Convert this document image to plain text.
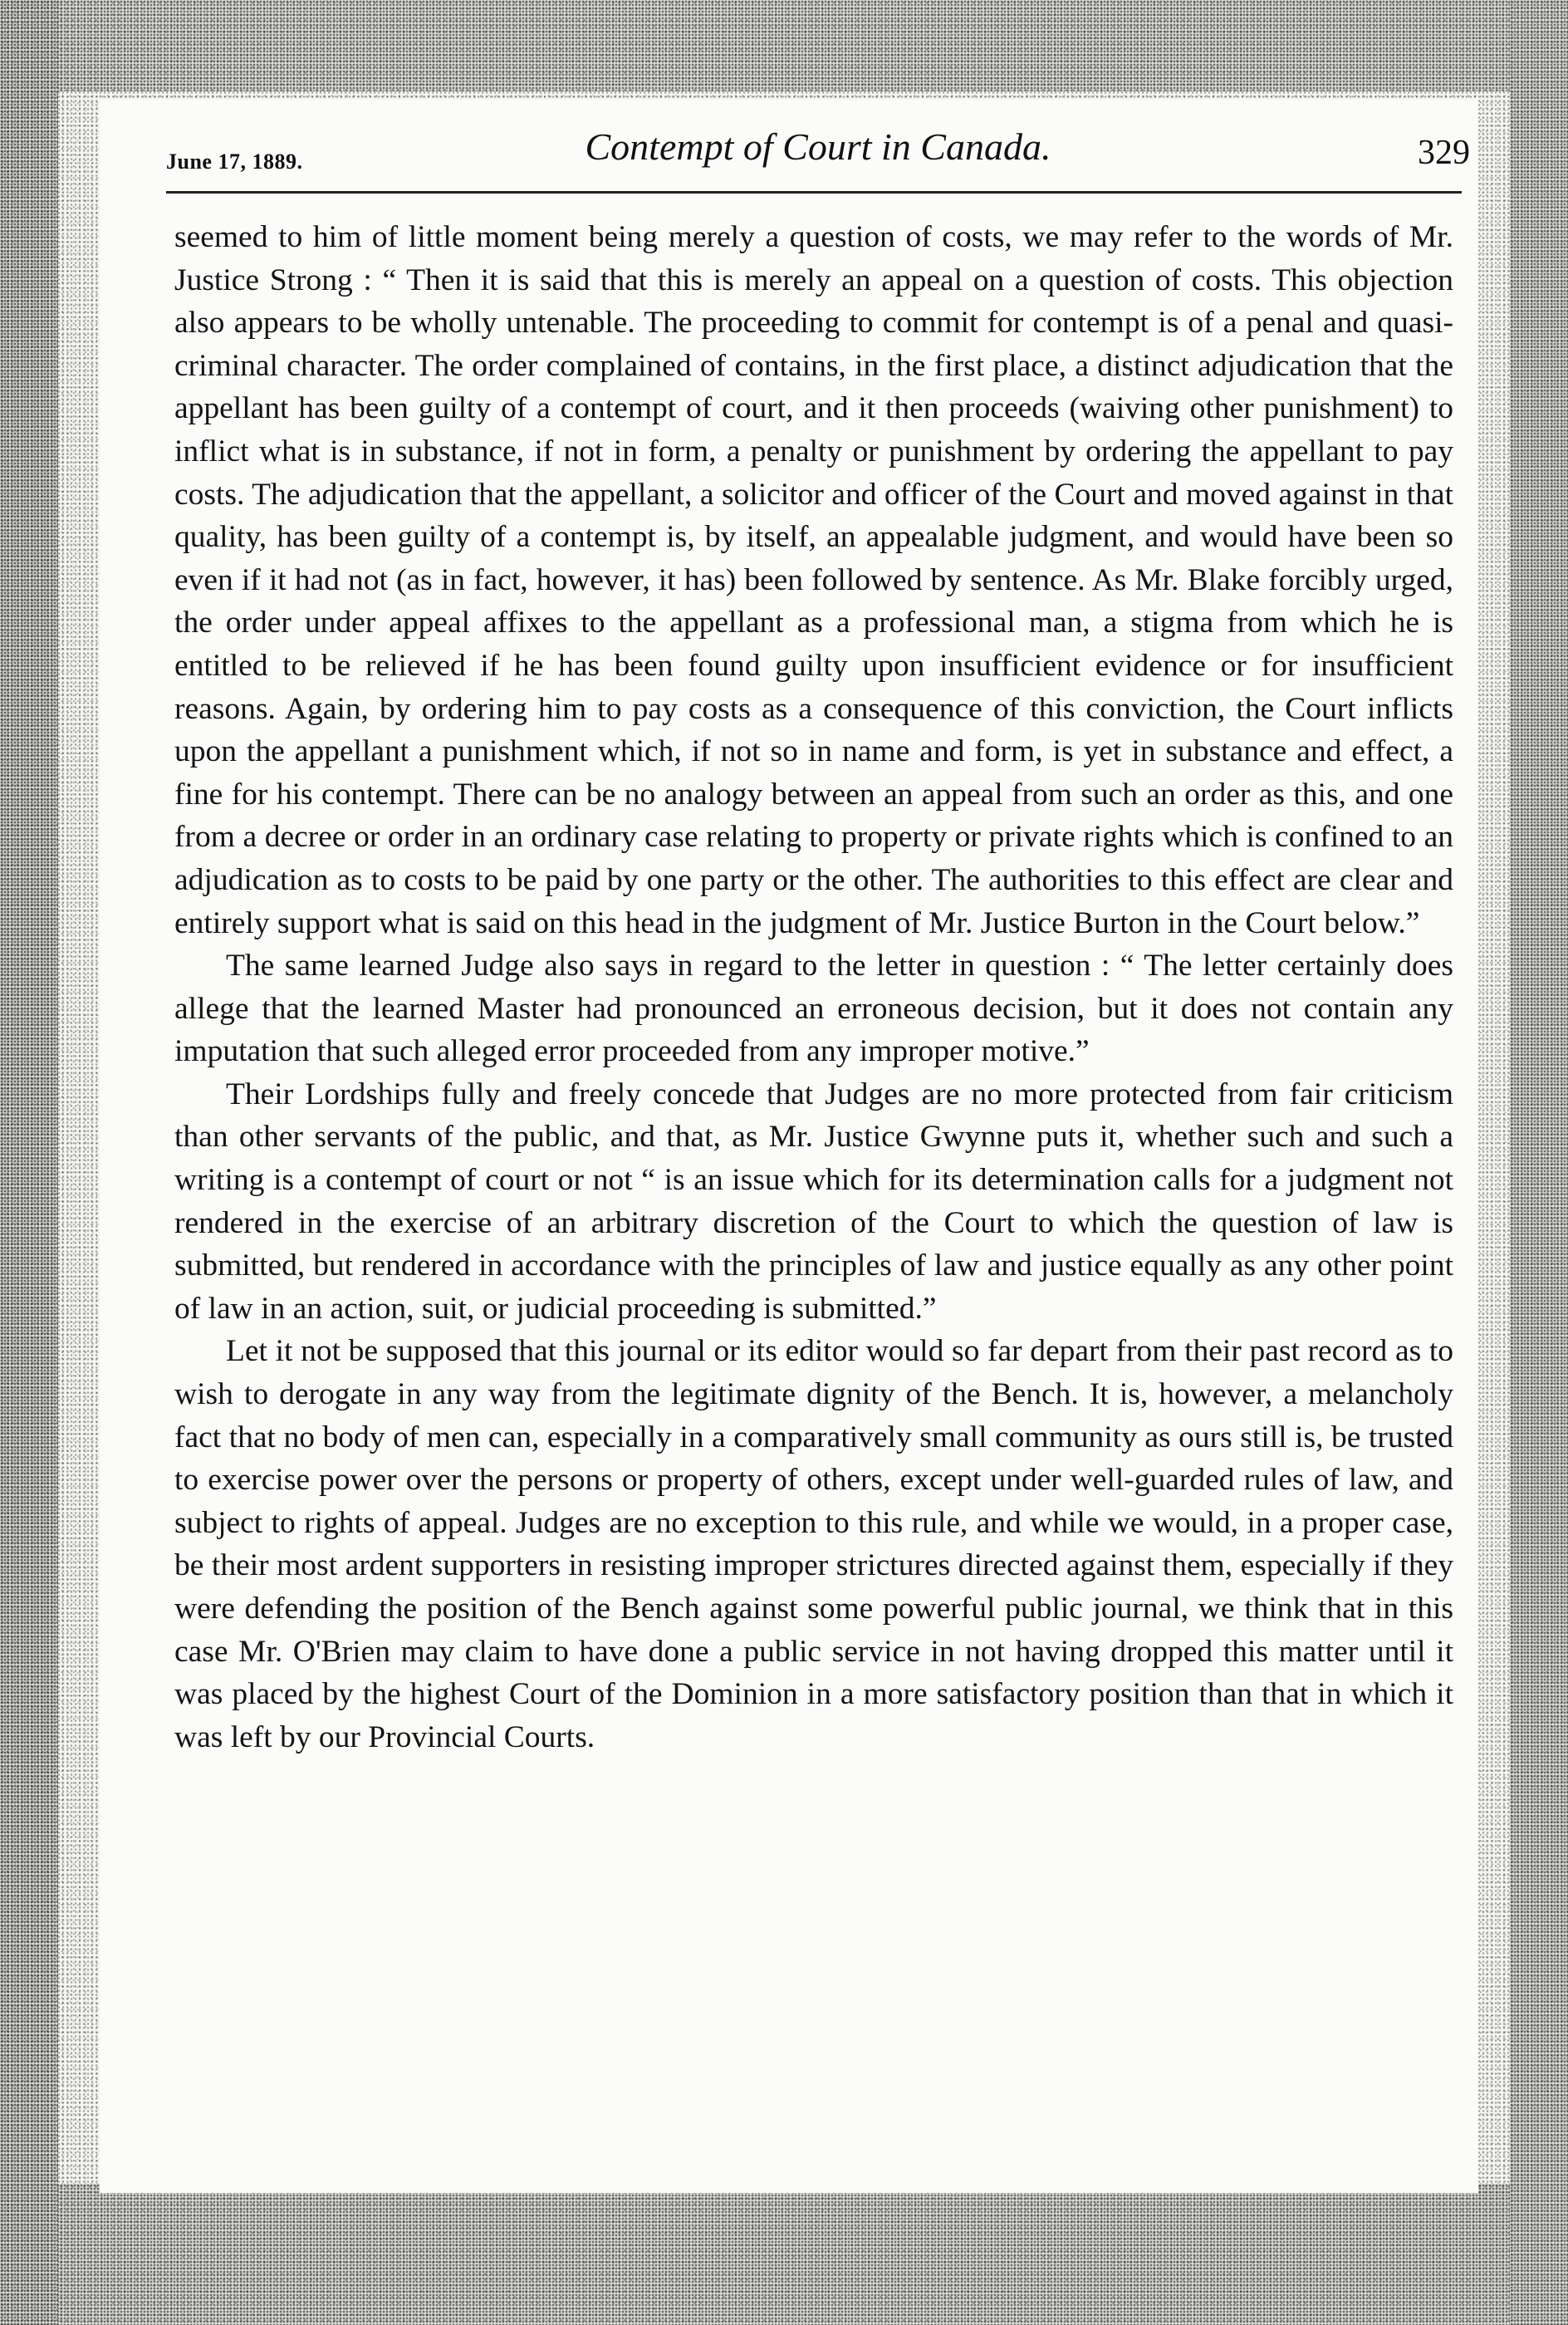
June 17, 1889.	Contempt of Court in Canada.	329

seemed to him of little moment being merely a question of costs, we may refer to the words of Mr. Justice Strong : “ Then it is said that this is merely an appeal on a question of costs. This objection also appears to be wholly untenable. The proceeding to commit for contempt is of a penal and quasi-criminal character. The order complained of contains, in the first place, a distinct adjudication that the appellant has been guilty of a contempt of court, and it then proceeds (waiving other punishment) to inflict what is in substance, if not in form, a penalty or punishment by ordering the appellant to pay costs. The adjudication that the appellant, a solicitor and officer of the Court and moved against in that quality, has been guilty of a contempt is, by itself, an appealable judgment, and would have been so even if it had not (as in fact, however, it has) been followed by sentence. As Mr. Blake forcibly urged, the order under appeal affixes to the appellant as a professional man, a stigma from which he is entitled to be relieved if he has been found guilty upon insufficient evidence or for insufficient reasons. Again, by ordering him to pay costs as a consequence of this conviction, the Court inflicts upon the appellant a punishment which, if not so in name and form, is yet in substance and effect, a fine for his contempt. There can be no analogy between an appeal from such an order as this, and one from a decree or order in an ordinary case relating to property or private rights which is confined to an adjudication as to costs to be paid by one party or the other. The authorities to this effect are clear and entirely support what is said on this head in the judgment of Mr. Justice Burton in the Court below.”

The same learned Judge also says in regard to the letter in question : “ The letter certainly does allege that the learned Master had pronounced an erroneous decision, but it does not contain any imputation that such alleged error proceeded from any improper motive.”

Their Lordships fully and freely concede that Judges are no more protected from fair criticism than other servants of the public, and that, as Mr. Justice Gwynne puts it, whether such and such a writing is a contempt of court or not “ is an issue which for its determination calls for a judgment not rendered in the exercise of an arbitrary discretion of the Court to which the question of law is submitted, but rendered in accordance with the principles of law and justice equally as any other point of law in an action, suit, or judicial proceeding is submitted.”

Let it not be supposed that this journal or its editor would so far depart from their past record as to wish to derogate in any way from the legitimate dignity of the Bench. It is, however, a melancholy fact that no body of men can, especially in a comparatively small community as ours still is, be trusted to exercise power over the persons or property of others, except under well-guarded rules of law, and subject to rights of appeal. Judges are no exception to this rule, and while we would, in a proper case, be their most ardent supporters in resisting improper strictures directed against them, especially if they were defending the position of the Bench against some powerful public journal, we think that in this case Mr. O'Brien may claim to have done a public service in not having dropped this matter until it was placed by the highest Court of the Dominion in a more satisfactory position than that in which it was left by our Provincial Courts.
